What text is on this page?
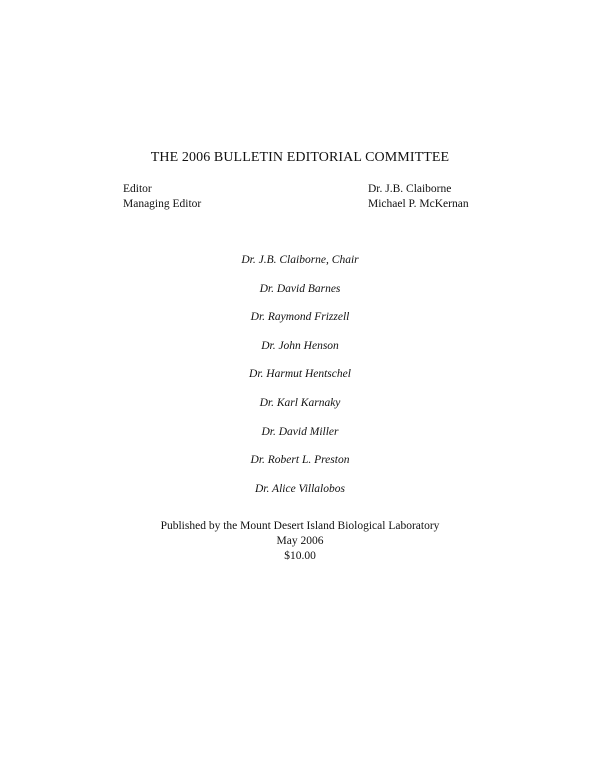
THE 2006 BULLETIN EDITORIAL COMMITTEE
Editor	Dr. J.B. Claiborne
Managing Editor	Michael P. McKernan
Dr. J.B. Claiborne, Chair
Dr. David Barnes
Dr. Raymond Frizzell
Dr. John Henson
Dr. Harmut Hentschel
Dr. Karl Karnaky
Dr. David Miller
Dr. Robert L. Preston
Dr. Alice Villalobos
Published by the Mount Desert Island Biological Laboratory
May 2006
$10.00
